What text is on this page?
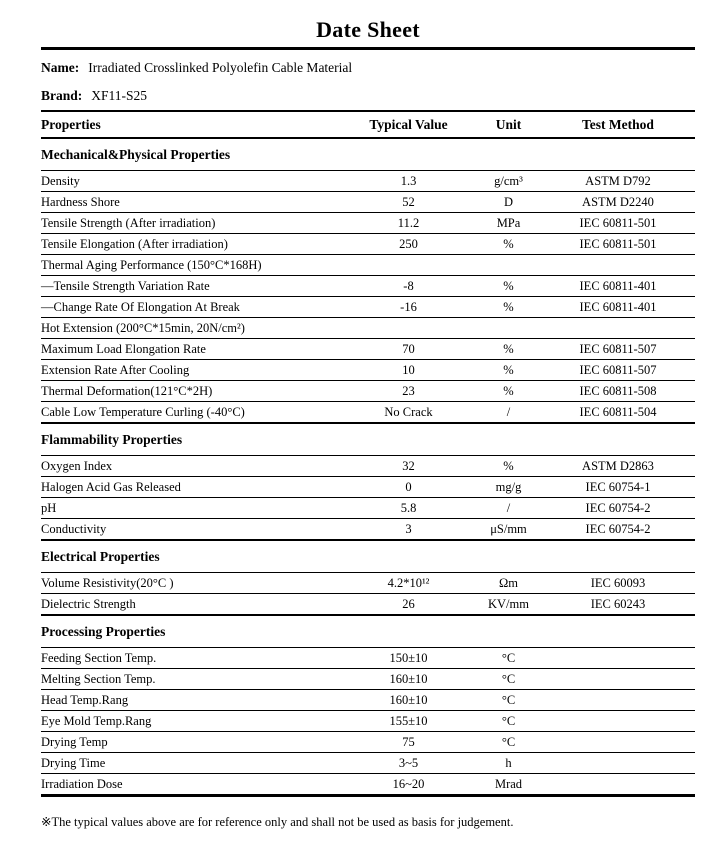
Date Sheet
Name: Irradiated Crosslinked Polyolefin Cable Material
Brand: XF11-S25
Properties	Typical Value	Unit	Test Method
Mechanical&Physical Properties			
Density	1.3	g/cm³	ASTM D792
Hardness Shore	52	D	ASTM D2240
Tensile Strength (After irradiation)	11.2	MPa	IEC 60811-501
Tensile Elongation (After irradiation)	250	%	IEC 60811-501
Thermal Aging Performance (150°C*168H)			
—Tensile Strength Variation Rate	-8	%	IEC 60811-401
—Change Rate Of Elongation At Break	-16	%	IEC 60811-401
Hot Extension (200°C*15min, 20N/cm²)			
Maximum Load Elongation Rate	70	%	IEC 60811-507
Extension Rate After Cooling	10	%	IEC 60811-507
Thermal Deformation(121°C*2H)	23	%	IEC 60811-508
Cable Low Temperature Curling (-40°C)	No Crack	/	IEC 60811-504
Flammability Properties			
Oxygen Index	32	%	ASTM D2863
Halogen Acid Gas Released	0	mg/g	IEC 60754-1
pH	5.8	/	IEC 60754-2
Conductivity	3	μS/mm	IEC 60754-2
Electrical Properties			
Volume Resistivity(20°C )	4.2*10¹²	Ωm	IEC 60093
Dielectric Strength	26	KV/mm	IEC 60243
Processing Properties			
Feeding Section Temp.	150±10	°C	
Melting Section Temp.	160±10	°C	
Head Temp.Rang	160±10	°C	
Eye Mold Temp.Rang	155±10	°C	
Drying Temp	75	°C	
Drying Time	3~5	h	
Irradiation Dose	16~20	Mrad	
※The typical values above are for reference only and shall not be used as basis for judgement.
